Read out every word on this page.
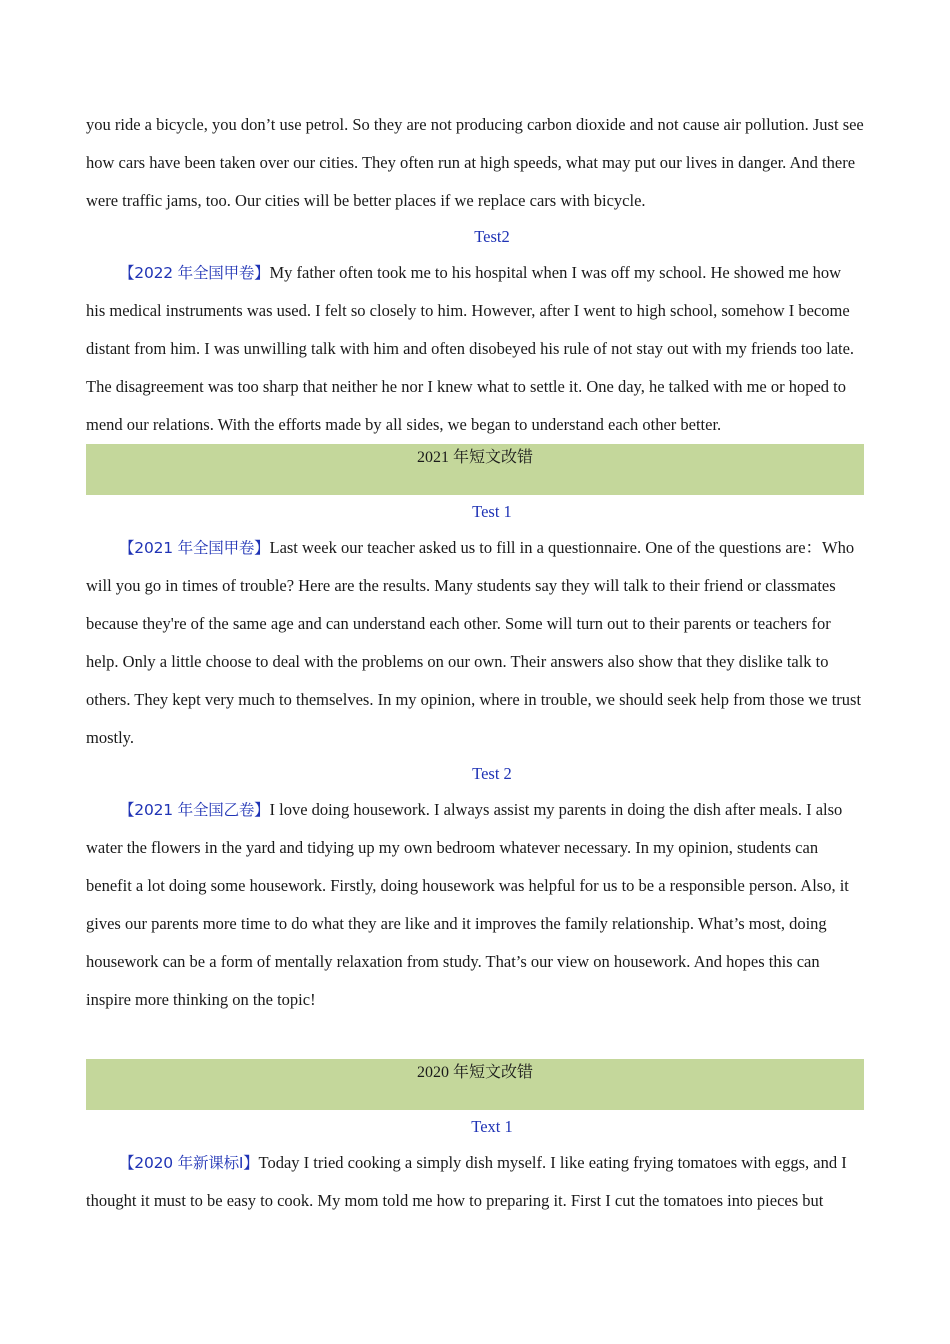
you ride a bicycle, you don’t use petrol. So they are not producing carbon dioxide and not cause air pollution. Just see how cars have been taken over our cities. They often run at high speeds, what may put our lives in danger. And there were traffic jams, too. Our cities will be better places if we replace cars with bicycle.

Test2

【2022 年全国甲卷】My father often took me to his hospital when I was off my school. He showed me how his medical instruments was used. I felt so closely to him. However, after I went to high school, somehow I become distant from him. I was unwilling talk with him and often disobeyed his rule of not stay out with my friends too late. The disagreement was too sharp that neither he nor I knew what to settle it. One day, he talked with me or hoped to mend our relations. With the efforts made by all sides, we began to understand each other better.

2021 年短文改错

Test 1

【2021 年全国甲卷】Last week our teacher asked us to fill in a questionnaire. One of the questions are：Who will you go in times of trouble? Here are the results. Many students say they will talk to their friend or classmates because they're of the same age and can understand each other. Some will turn out to their parents or teachers for help. Only a little choose to deal with the problems on our own. Their answers also show that they dislike talk to others. They kept very much to themselves. In my opinion, where in trouble, we should seek help from those we trust mostly.

Test 2

【2021 年全国乙卷】I love doing housework. I always assist my parents in doing the dish after meals. I also water the flowers in the yard and tidying up my own bedroom whatever necessary. In my opinion, students can benefit a lot doing some housework. Firstly, doing housework was helpful for us to be a responsible person. Also, it gives our parents more time to do what they are like and it improves the family relationship. What’s most, doing housework can be a form of mentally relaxation from study. That’s our view on housework. And hopes this can inspire more thinking on the topic!

2020 年短文改错

Text 1

【2020 年新课标Ⅰ】Today I tried cooking a simply dish myself. I like eating frying tomatoes with eggs, and I thought it must to be easy to cook. My mom told me how to preparing it. First I cut the tomatoes into pieces but
